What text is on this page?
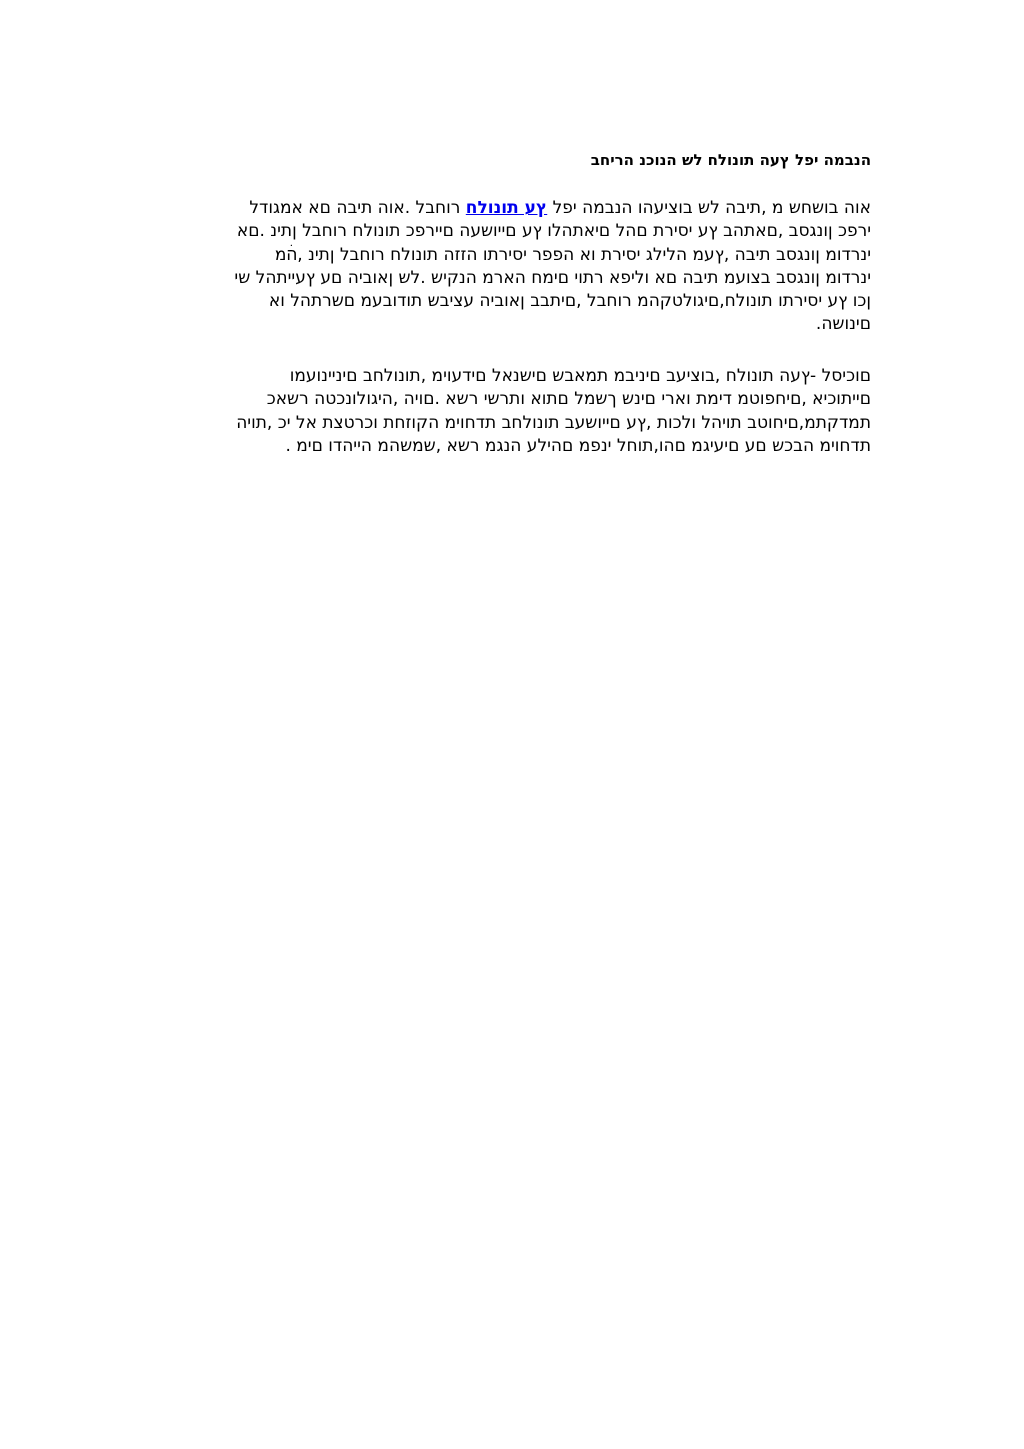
הנבמה יפל ץעה תונולח לש הנוכנ הריחב

אוה בושחש מ ,תיבה לש בוציעהו הנבמה יפל ץע תונולח רוחבל .אוה תיבה םא אמגודל
ירפכ ןונגסב ,םאתהב ץע יסירת םהל םיאתהלו ץע םייושעה םיירפכ תונולח רוחבל ןתינ .םא
ינרדומ ןונגסב תיבה ,ץעמ הלילג יסירת וא הפפר יסירתו הזזה תונולח רוחבל ןתינ ,הׄמ
ינרדומ ןונגסב בצועמ תיבה םא וליפא רתוי םימח הארמ הנקיש .לש ןאוביה םע ץעייתהל שי
ןכו ץע יסירתו תונולח,םיגולטקהמ רוחבל ,םיתבב ןאוביה עציבש תודובעמ םשרתהל וא
םינושה.

םוכיסל -ץעה תונולח ,בוציעב םיניבמ תמאבש םישנאל םידעוימ ,תונולחב םיניינועמו
םייתוכיא ,םיחפוטמ דימת וארי םינש ךשמל םתוא ותרשי רשא .םויה ,היגולונכטה רשאכ
תמדקתמ,םיחוטב תויהל ולכות ,ץע םייושעב תונולחב תדחוימ הקוזחת וכרטצת אל יכ ,תויה
תדחוימ הבכש םע םיעיגמ םהו,תוחל ינפמ םהילע הנגמ רשא ,שמשהמ הייהדו םימ .
